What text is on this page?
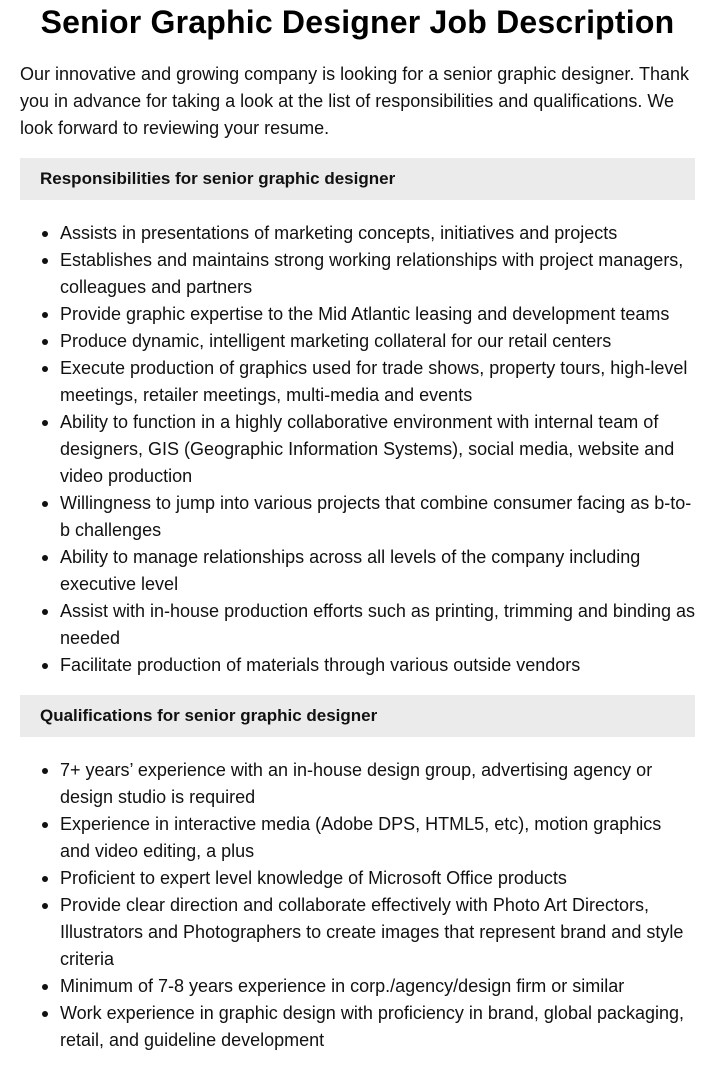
Senior Graphic Designer Job Description

Our innovative and growing company is looking for a senior graphic designer. Thank you in advance for taking a look at the list of responsibilities and qualifications. We look forward to reviewing your resume.

Responsibilities for senior graphic designer
Assists in presentations of marketing concepts, initiatives and projects
Establishes and maintains strong working relationships with project managers, colleagues and partners
Provide graphic expertise to the Mid Atlantic leasing and development teams
Produce dynamic, intelligent marketing collateral for our retail centers
Execute production of graphics used for trade shows, property tours, high-level meetings, retailer meetings, multi-media and events
Ability to function in a highly collaborative environment with internal team of designers, GIS (Geographic Information Systems), social media, website and video production
Willingness to jump into various projects that combine consumer facing as b-to-b challenges
Ability to manage relationships across all levels of the company including executive level
Assist with in-house production efforts such as printing, trimming and binding as needed
Facilitate production of materials through various outside vendors
Qualifications for senior graphic designer
7+ years’ experience with an in-house design group, advertising agency or design studio is required
Experience in interactive media (Adobe DPS, HTML5, etc), motion graphics and video editing, a plus
Proficient to expert level knowledge of Microsoft Office products
Provide clear direction and collaborate effectively with Photo Art Directors, Illustrators and Photographers to create images that represent brand and style criteria
Minimum of 7-8 years experience in corp./agency/design firm or similar
Work experience in graphic design with proficiency in brand, global packaging, retail, and guideline development
